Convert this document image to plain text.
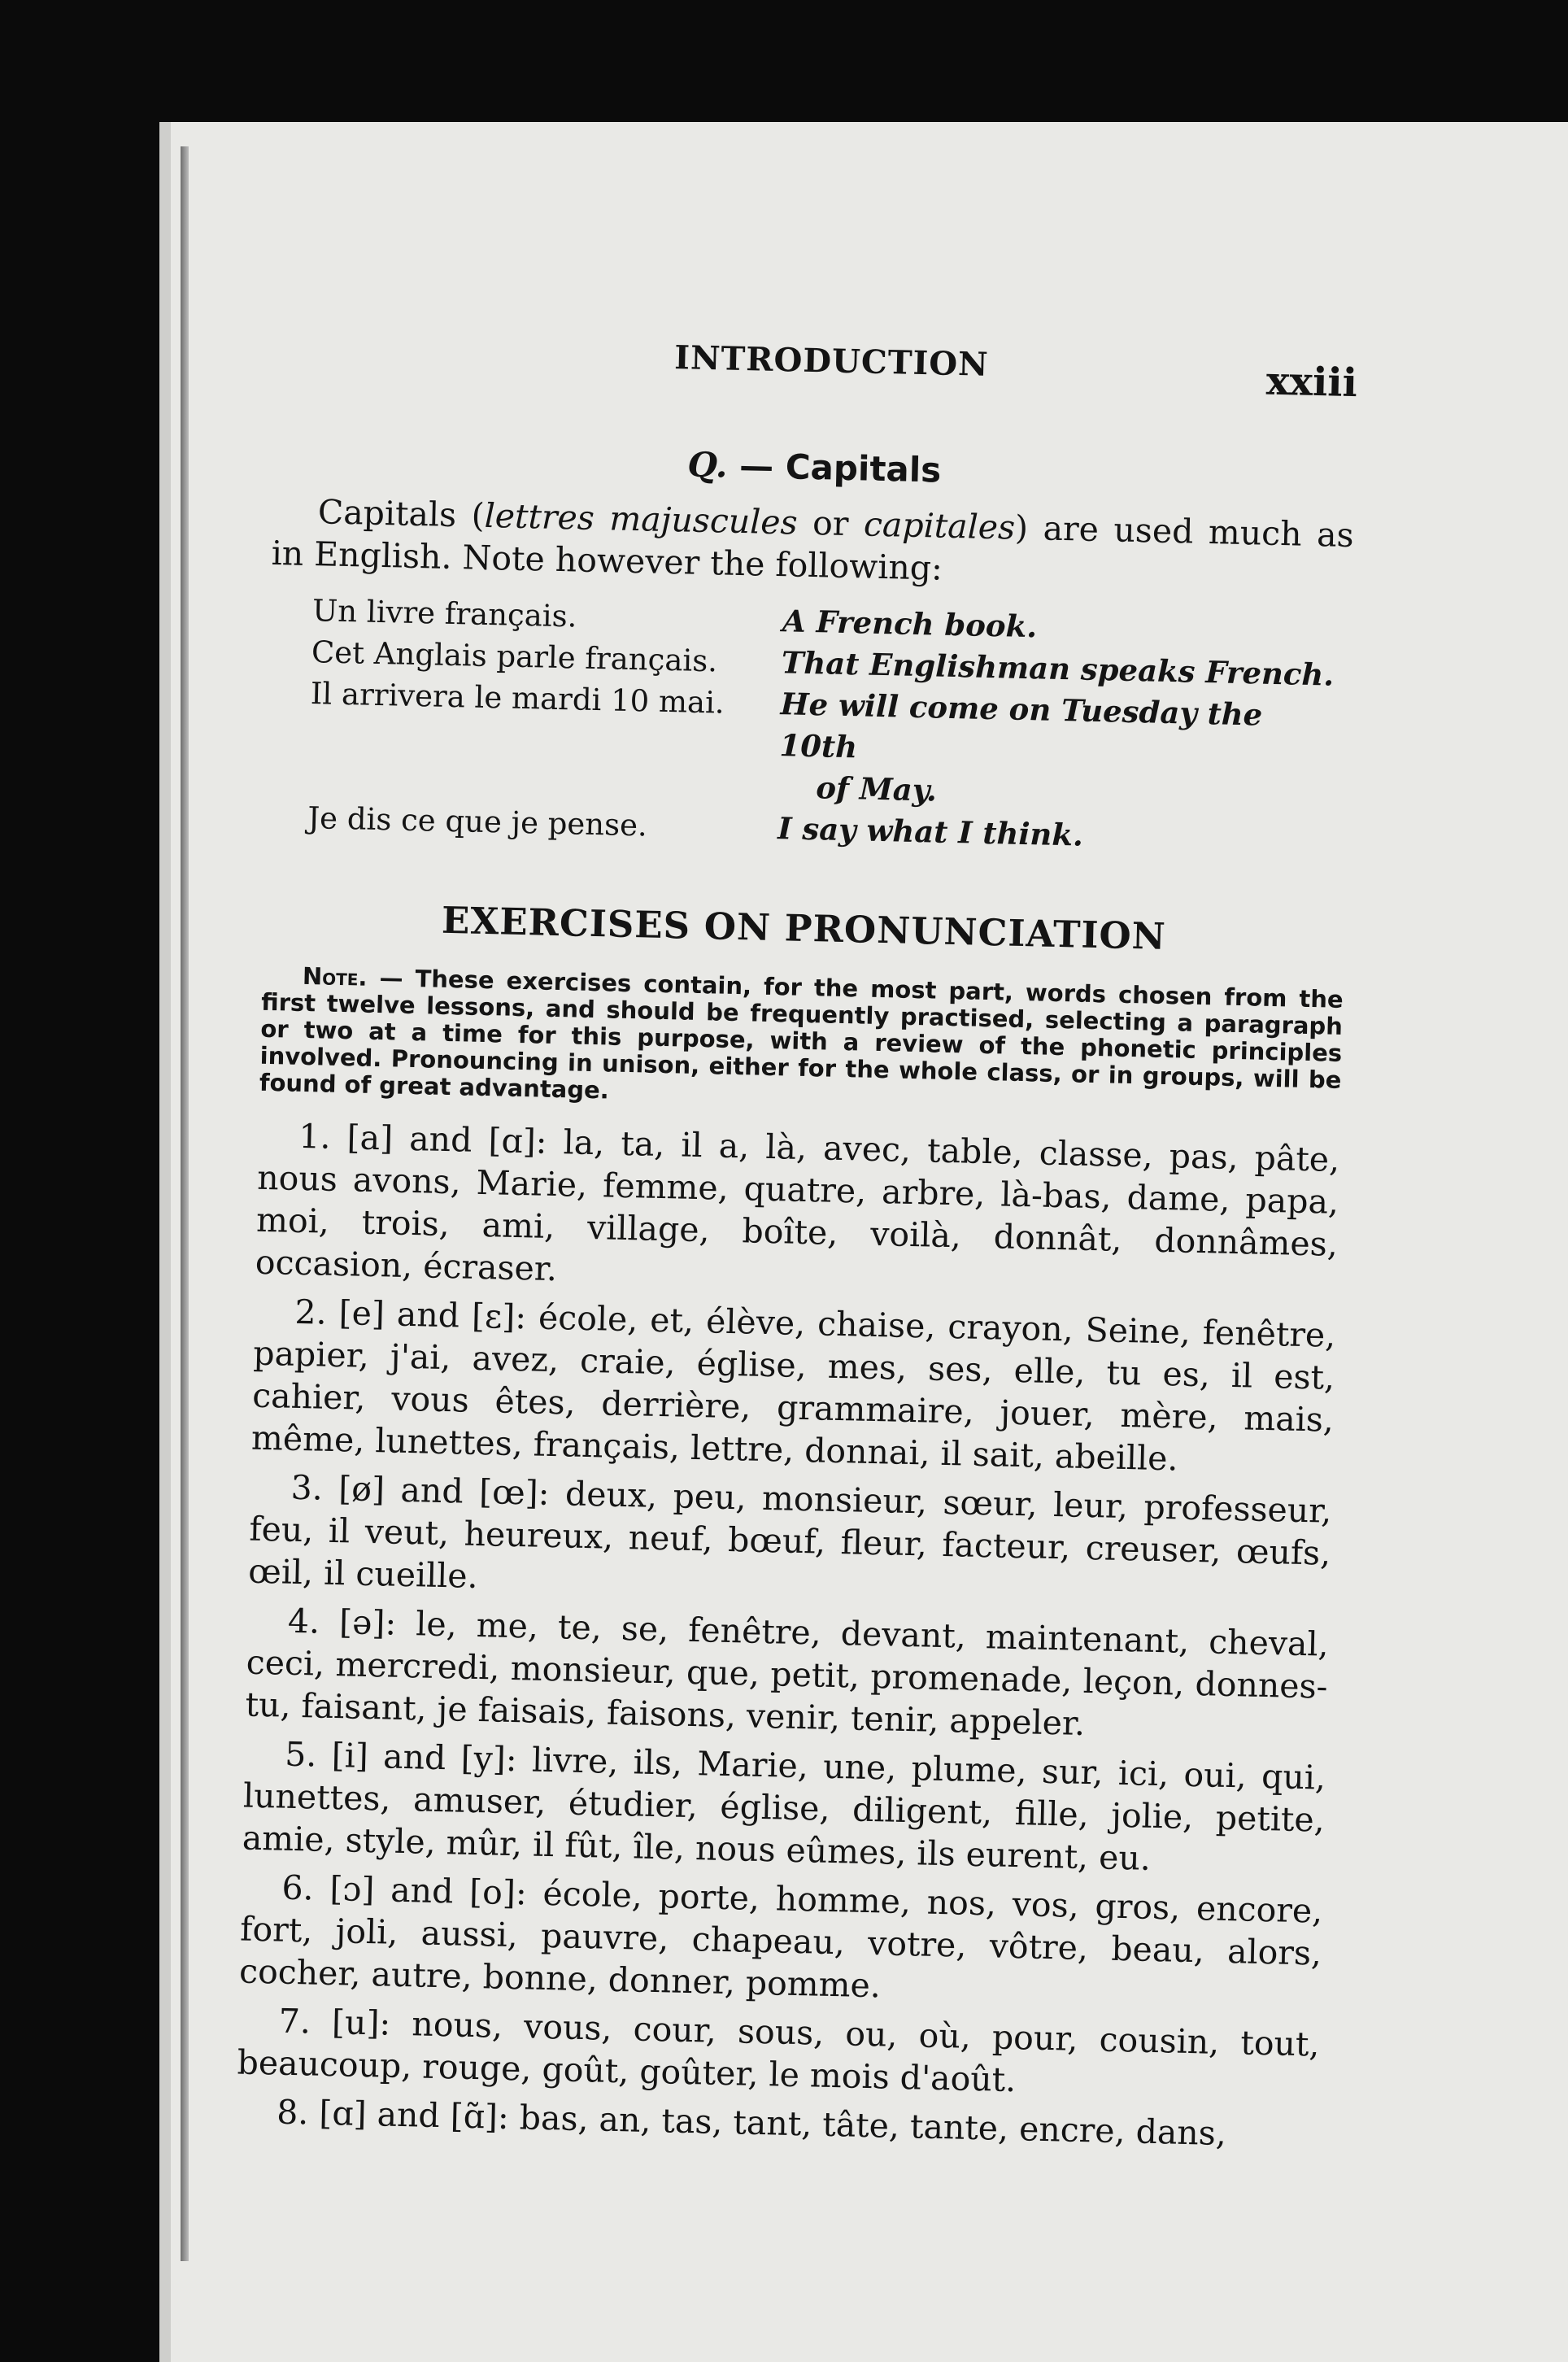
INTRODUCTION	xxiii
Q. — Capitals

Capitals (lettres majuscules or capitales) are used much as in English. Note however the following:

Un livre français.	A French book.
Cet Anglais parle français.	That Englishman speaks French.
Il arrivera le mardi 10 mai.	He will come on Tuesday the 10th
of May.
Je dis ce que je pense.	I say what I think.
EXERCISES ON PRONUNCIATION

Note. — These exercises contain, for the most part, words chosen from the first twelve lessons, and should be frequently practised, selecting a paragraph or two at a time for this purpose, with a review of the phonetic principles involved. Pronouncing in unison, either for the whole class, or in groups, will be found of great advantage.

1. [a] and [ɑ]: la, ta, il a, là, avec, table, classe, pas, pâte, nous avons, Marie, femme, quatre, arbre, là-bas, dame, papa, moi, trois, ami, village, boîte, voilà, donnât, donnâmes, occasion, écraser.

2. [e] and [ɛ]: école, et, élève, chaise, crayon, Seine, fenêtre, papier, j'ai, avez, craie, église, mes, ses, elle, tu es, il est, cahier, vous êtes, derrière, grammaire, jouer, mère, mais, même, lunettes, français, lettre, donnai, il sait, abeille.

3. [ø] and [œ]: deux, peu, monsieur, sœur, leur, professeur, feu, il veut, heureux, neuf, bœuf, fleur, facteur, creuser, œufs, œil, il cueille.

4. [ə]: le, me, te, se, fenêtre, devant, maintenant, cheval, ceci, mercredi, monsieur, que, petit, promenade, leçon, donnes-tu, faisant, je faisais, faisons, venir, tenir, appeler.

5. [i] and [y]: livre, ils, Marie, une, plume, sur, ici, oui, qui, lunettes, amuser, étudier, église, diligent, fille, jolie, petite, amie, style, mûr, il fût, île, nous eûmes, ils eurent, eu.

6. [ɔ] and [o]: école, porte, homme, nos, vos, gros, encore, fort, joli, aussi, pauvre, chapeau, votre, vôtre, beau, alors, cocher, autre, bonne, donner, pomme.

7. [u]: nous, vous, cour, sous, ou, où, pour, cousin, tout, beaucoup, rouge, goût, goûter, le mois d'août.

8. [ɑ] and [ɑ̃]: bas, an, tas, tant, tâte, tante, encre, dans,
